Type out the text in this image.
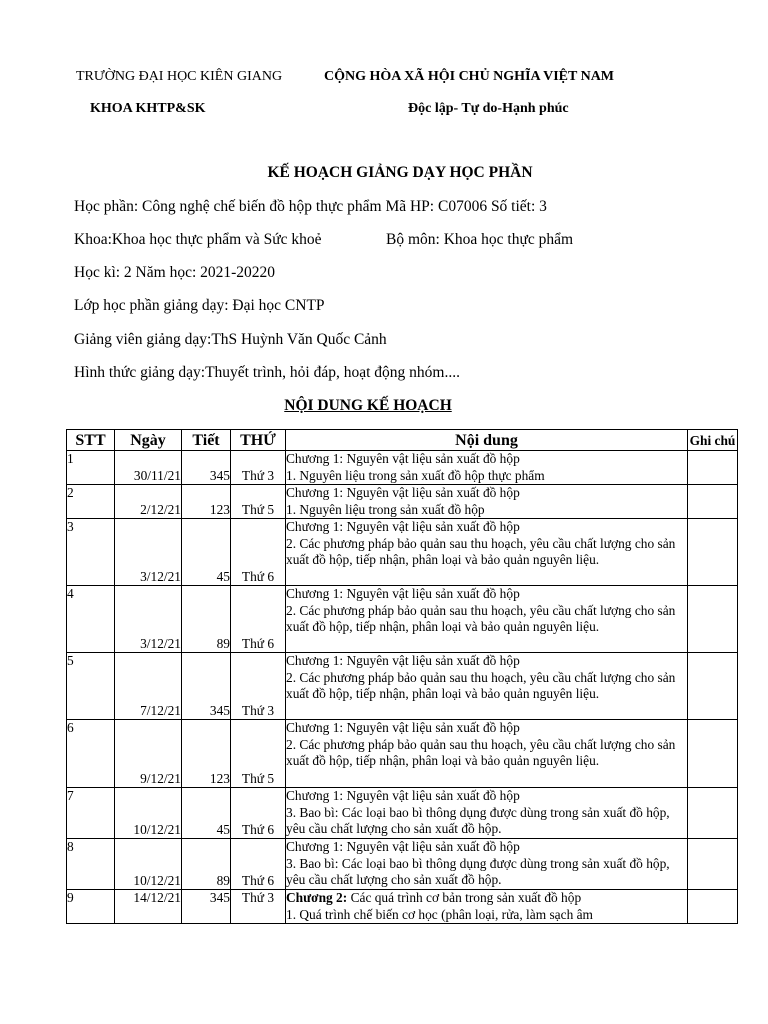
TRƯỜNG ĐẠI HỌC KIÊN GIANG	CỘNG HÒA XÃ HỘI CHỦ NGHĨA VIỆT NAM
KHOA KHTP&SK	Độc lập- Tự do-Hạnh phúc
KẾ HOẠCH GIẢNG DẠY HỌC PHẦN
Học phần: Công nghệ chế biến đồ hộp thực phẩm Mã HP: C07006 Số tiết: 3
Khoa:Khoa học thực phẩm và Sức khoẻ	Bộ môn: Khoa học thực phẩm
Học kì: 2 Năm học: 2021-20220
Lớp học phần giảng dạy: Đại học CNTP
Giảng viên giảng dạy:ThS Huỳnh Văn Quốc Cảnh
Hình thức giảng dạy:Thuyết trình, hỏi đáp, hoạt động nhóm....
NỘI DUNG KẾ HOẠCH
STT	Ngày	Tiết	THỨ	Nội dung	Ghi chú
1	30/11/21	345	Thứ 3	Chương 1: Nguyên vật liệu sản xuất đồ hộp
1. Nguyên liệu trong sản xuất đồ hộp thực phẩm	

2	2/12/21	123	Thứ 5	Chương 1: Nguyên vật liệu sản xuất đồ hộp
1. Nguyên liệu trong sản xuất đồ hộp	

3	3/12/21	45	Thứ 6	Chương 1: Nguyên vật liệu sản xuất đồ hộp
2. Các phương pháp bảo quản sau thu hoạch, yêu cầu chất lượng cho sản xuất đồ hộp, tiếp nhận, phân loại và bảo quản nguyên liệu.	

4	3/12/21	89	Thứ 6	Chương 1: Nguyên vật liệu sản xuất đồ hộp
2. Các phương pháp bảo quản sau thu hoạch, yêu cầu chất lượng cho sản xuất đồ hộp, tiếp nhận, phân loại và bảo quản nguyên liệu.	

5	7/12/21	345	Thứ 3	Chương 1: Nguyên vật liệu sản xuất đồ hộp
2. Các phương pháp bảo quản sau thu hoạch, yêu cầu chất lượng cho sản xuất đồ hộp, tiếp nhận, phân loại và bảo quản nguyên liệu.	

6	9/12/21	123	Thứ 5	Chương 1: Nguyên vật liệu sản xuất đồ hộp
2. Các phương pháp bảo quản sau thu hoạch, yêu cầu chất lượng cho sản xuất đồ hộp, tiếp nhận, phân loại và bảo quản nguyên liệu.	

7	10/12/21	45	Thứ 6	Chương 1: Nguyên vật liệu sản xuất đồ hộp
3. Bao bì: Các loại bao bì thông dụng được dùng trong sản xuất đồ hộp, yêu cầu chất lượng cho sản xuất đồ hộp.	

8	10/12/21	89	Thứ 6	Chương 1: Nguyên vật liệu sản xuất đồ hộp
3. Bao bì: Các loại bao bì thông dụng được dùng trong sản xuất đồ hộp, yêu cầu chất lượng cho sản xuất đồ hộp.	

9	14/12/21	345	Thứ 3	Chương 2: Các quá trình cơ bản trong sản xuất đồ hộp
1. Quá trình chế biến cơ học (phân loại, rửa, làm sạch âm	
